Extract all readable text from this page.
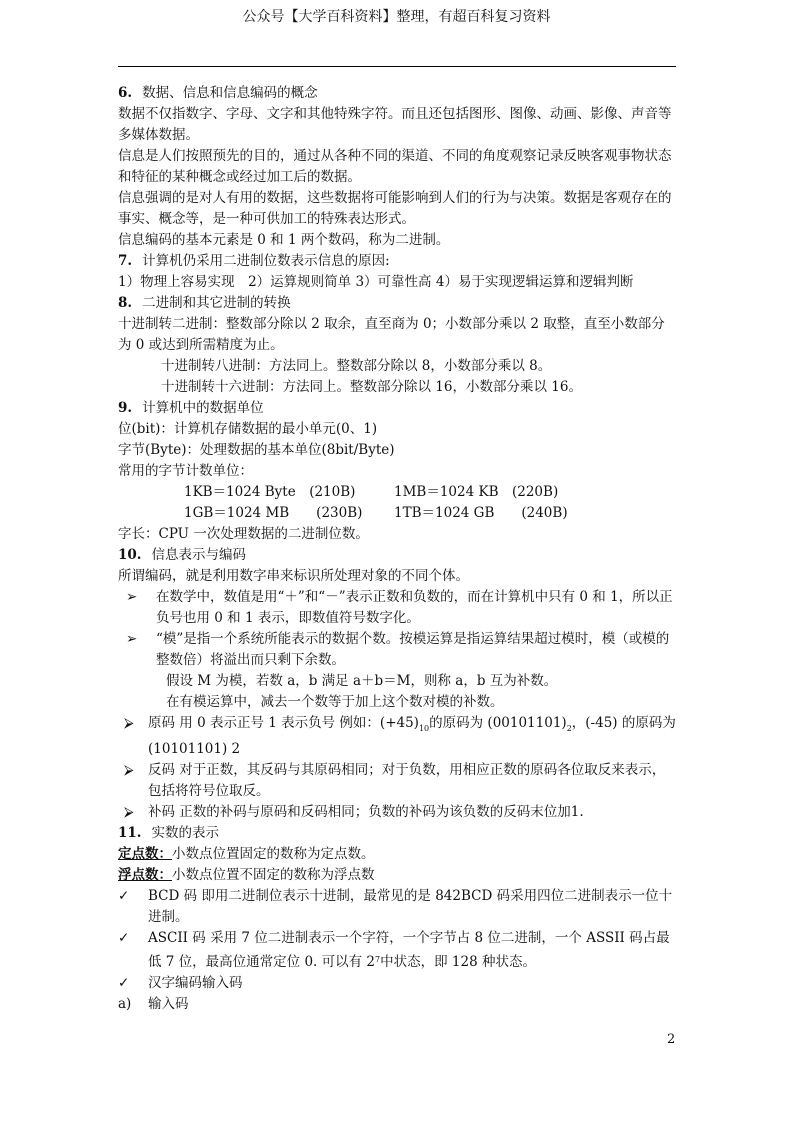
公众号【大学百科资料】整理，有超百科复习资料

6. 数据、信息和信息编码的概念

数据不仅指数字、字母、文字和其他特殊字符。而且还包括图形、图像、动画、影像、声音等多媒体数据。

信息是人们按照预先的目的，通过从各种不同的渠道、不同的角度观察记录反映客观事物状态和特征的某种概念或经过加工后的数据。

信息强调的是对人有用的数据，这些数据将可能影响到人们的行为与决策。数据是客观存在的事实、概念等，是一种可供加工的特殊表达形式。

信息编码的基本元素是 0 和 1 两个数码，称为二进制。

7. 计算机仍采用二进制位数表示信息的原因:

1）物理上容易实现　2）运算规则简单 3）可靠性高 4）易于实现逻辑运算和逻辑判断

8. 二进制和其它进制的转换

十进制转二进制：整数部分除以 2 取余，直至商为 0；小数部分乘以 2 取整，直至小数部分为 0 或达到所需精度为止。

十进制转八进制：方法同上。整数部分除以 8，小数部分乘以 8。

十进制转十六进制：方法同上。整数部分除以 16，小数部分乘以 16。

9. 计算机中的数据单位

位(bit)：计算机存储数据的最小单元(0、1)

字节(Byte)：处理数据的基本单位(8bit/Byte)

常用的字节计数单位：

1KB＝1024 Byte　(210B)	1MB＝1024 KB　(220B)
1GB＝1024 MB　　(230B)	1TB＝1024 GB　　(240B)

字长：CPU 一次处理数据的二进制位数。

10. 信息表示与编码

所谓编码，就是利用数字串来标识所处理对象的不同个体。

➢ 在数学中，数值是用“＋”和“－”表示正数和负数的，而在计算机中只有 0 和 1，所以正负号也用 0 和 1 表示，即数值符号数字化。

➢ “模”是指一个系统所能表示的数据个数。按模运算是指运算结果超过模时，模（或模的整数倍）将溢出而只剩下余数。

假设 M 为模，若数 a，b 满足 a＋b＝M，则称 a，b 互为补数。

在有模运算中，减去一个数等于加上这个数对模的补数。

⮚ 原码 用 0 表示正号 1 表示负号 例如：$(+45)_{10}$的原码为 $(00101101)_2$，(-45) 的原码为 (10101101) 2

⮚ 反码 对于正数，其反码与其原码相同；对于负数，用相应正数的原码各位取反来表示，包括将符号位取反。

⮚ 补码 正数的补码与原码和反码相同；负数的补码为该负数的反码末位加1.

11. 实数的表示

定点数：小数点位置固定的数称为定点数。

浮点数：小数点位置不固定的数称为浮点数

✓ BCD 码 即用二进制位表示十进制，最常见的是 842BCD 码采用四位二进制表示一位十进制。

✓ ASCII 码 采用 7 位二进制表示一个字符，一个字节占 8 位二进制，一个 ASSII 码占最低 7 位，最高位通常定位 0. 可以有 $2^7$中状态，即 128 种状态。

✓ 汉字编码输入码

a) 输入码

2
